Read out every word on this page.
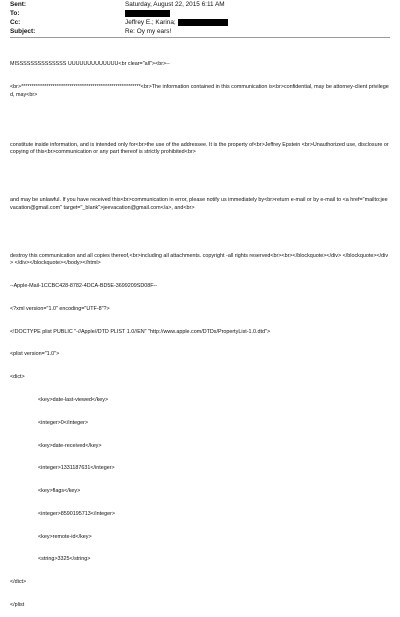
Sent:	Saturday, August 22, 2015 6:11 AM
To:
Cc:	Jeffrey E.; Karina;
Subject:	Re: Oy my ears!

MISSSSSSSSSSSSSS UUUUUUUUUUUUU<br clear="all"><br>--

<br>*********************************************************<br>The information contained in this communication is<br>confidential, may be attorney-client privileged, may<br>

constitute inside information, and is intended only for<br>the use of the addressee. It is the property of<br>Jeffrey Epstein <br>Unauthorized use, disclosure or copying of this<br>communication or any part thereof is strictly prohibited<br>

and may be unlawful. If you have received this<br>communication in error, please notify us immediately by<br>return e-mail or by e-mail to <a href="mailto:jeevacation@gmail.com" target="_blank">jeevacation@gmail.com</a>, and<br>

destroy this communication and all copies thereof,<br>including all attachments. copyright -all rights reserved<br><br></blockquote></div> </blockquote></div> </div></blockquote></body></html>

--Apple-Mail-1CCBC428-8782-4DCA-BD5E-3699209SD08F--

<?xml version="1.0" encoding="UTF-8"?>

<!DOCTYPE plist PUBLIC "-//Apple//DTD PLIST 1.0//EN" "http://www.apple.com/DTDs/PropertyList-1.0.dtd">

<plist version="1.0">

<dict>

<key>date-last-viewed</key>

<integer>0</integer>

<key>date-received</key>

<integer>1331187631</integer>

<key>flags</key>

<integer>8590195713</integer>

<key>remote-id</key>

<string>3325</string>

</dict>

</plist
